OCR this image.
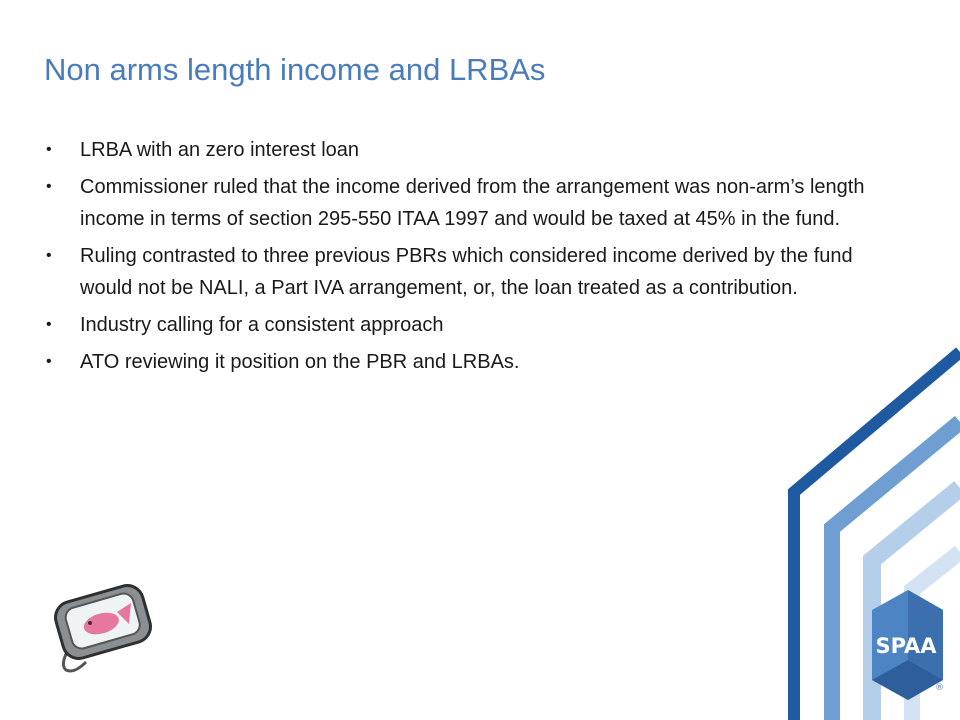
Non arms length income and LRBAs
• LRBA with an zero interest loan
• Commissioner ruled that the income derived from the arrangement was non-arm’s length income in terms of section 295-550 ITAA 1997 and would be taxed at 45% in the fund.
• Ruling contrasted to three previous PBRs which considered income derived by the fund would not be NALI, a Part IVA arrangement, or, the loan treated as a contribution.
• Industry calling for a consistent approach
• ATO reviewing it position on the PBR and LRBAs.
SPAA
®
